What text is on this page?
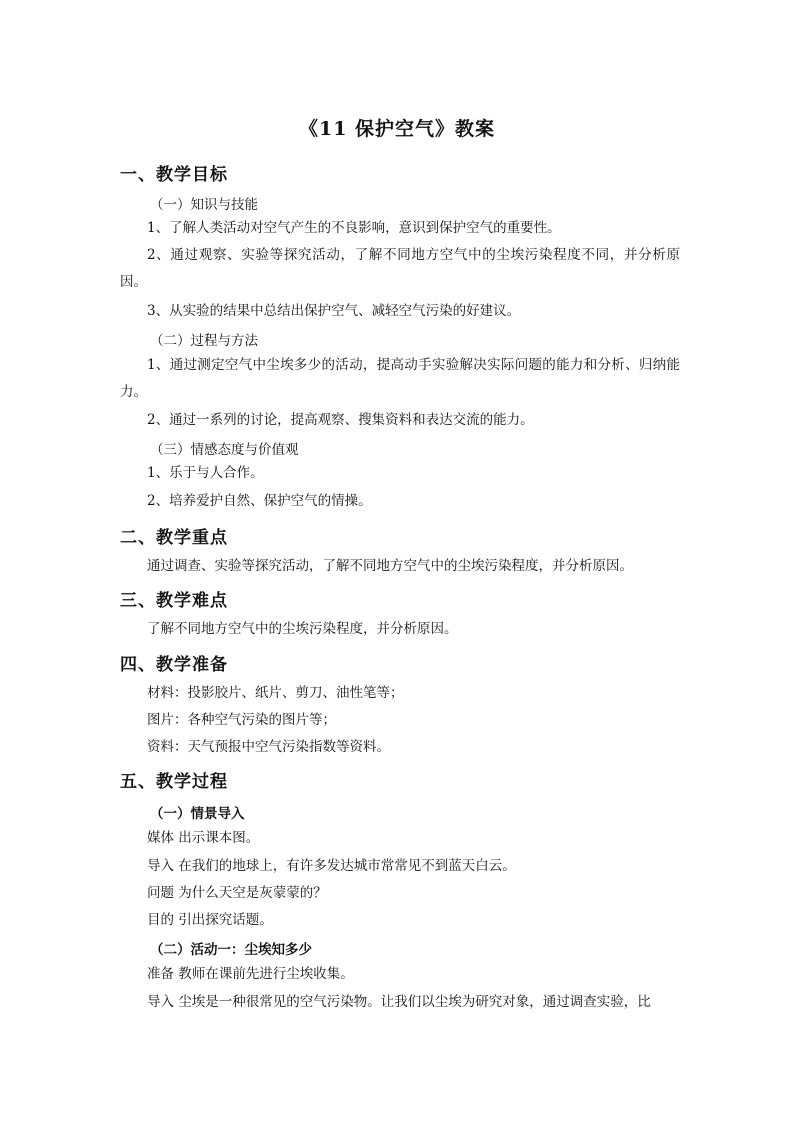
《11 保护空气》教案
一、教学目标
（一）知识与技能
1、了解人类活动对空气产生的不良影响，意识到保护空气的重要性。
2、通过观察、实验等探究活动，了解不同地方空气中的尘埃污染程度不同，并分析原因。
3、从实验的结果中总结出保护空气、减轻空气污染的好建议。
（二）过程与方法
1、通过测定空气中尘埃多少的活动，提高动手实验解决实际问题的能力和分析、归纳能力。
2、通过一系列的讨论，提高观察、搜集资料和表达交流的能力。
（三）情感态度与价值观
1、乐于与人合作。
2、培养爱护自然、保护空气的情操。
二、教学重点
通过调查、实验等探究活动，了解不同地方空气中的尘埃污染程度，并分析原因。
三、教学难点
了解不同地方空气中的尘埃污染程度，并分析原因。
四、教学准备
材料：投影胶片、纸片、剪刀、油性笔等；
图片：各种空气污染的图片等；
资料：天气预报中空气污染指数等资料。
五、教学过程
（一）情景导入
媒体 出示课本图。
导入 在我们的地球上，有许多发达城市常常见不到蓝天白云。
问题 为什么天空是灰蒙蒙的？
目的 引出探究话题。
（二）活动一：尘埃知多少
准备 教师在课前先进行尘埃收集。
导入 尘埃是一种很常见的空气污染物。让我们以尘埃为研究对象，通过调查实验，比
